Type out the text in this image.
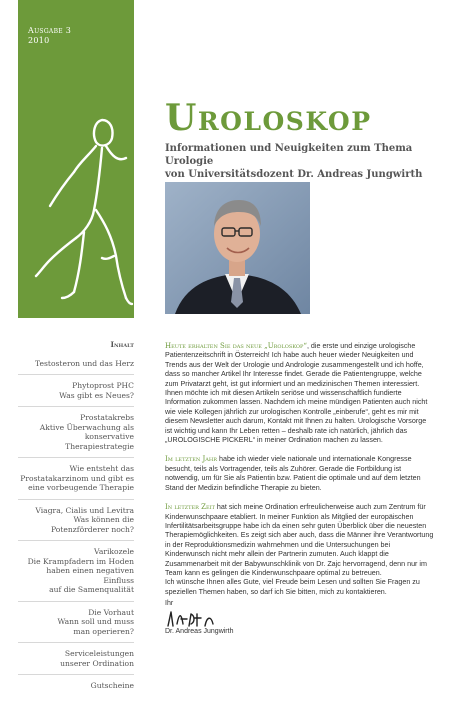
Ausgabe 3
2010
Uroloskop
Informationen und Neuigkeiten zum Thema Urologie
von Universitätsdozent Dr. Andreas Jungwirth
Inhalt
Testosteron und das Herz
Phytoprost PHC
Was gibt es Neues?
Prostatakrebs
Aktive Überwachung als
konservative Therapiestrategie
Wie entsteht das
Prostatakarzinom und gibt es
eine vorbeugende Therapie
Viagra, Cialis und Levitra
Was können die
Potenzförderer noch?
Varikozele
Die Krampfadern im Hoden
haben einen negativen Einfluss
auf die Samenqualität
Die Vorhaut
Wann soll und muss
man operieren?
Serviceleistungen
unserer Ordination
Gutscheine

Heute erhalten Sie das neue „Uroloskop“, die erste und einzige urologische Patientenzeitschrift in Österreich! Ich habe auch heuer wieder Neuigkeiten und Trends aus der Welt der Urologie und Andrologie zusammengestellt und ich hoffe, dass so mancher Artikel Ihr Interesse findet. Gerade die Patientengruppe, welche zum Privatarzt geht, ist gut informiert und an medizinischen Themen interessiert. Ihnen möchte ich mit diesen Artikeln seriöse und wissenschaftlich fundierte Information zukommen lassen. Nachdem ich meine mündigen Patienten auch nicht wie viele Kollegen jährlich zur urologischen Kontrolle „einberufe“, geht es mir mit diesem Newsletter auch darum, Kontakt mit Ihnen zu halten. Urologische Vorsorge ist wichtig und kann Ihr Leben retten – deshalb rate ich natürlich, jährlich das „UROLOGISCHE PICKERL“ in meiner Ordination machen zu lassen.

Im letzten Jahr habe ich wieder viele nationale und internationale Kongresse besucht, teils als Vortragender, teils als Zuhörer. Gerade die Fortbildung ist notwendig, um für Sie als Patientin bzw. Patient die optimale und auf dem letzten Stand der Medizin befindliche Therapie zu bieten.

In letzter Zeit hat sich meine Ordination erfreulicherweise auch zum Zentrum für Kinderwunschpaare etabliert. In meiner Funktion als Mitglied der europäischen Infertilitätsarbeitsgruppe habe ich da einen sehr guten Überblick über die neuesten Therapiemöglichkeiten. Es zeigt sich aber auch, dass die Männer ihre Verantwortung in der Reproduktionsmedizin wahrnehmen und die Untersuchungen bei Kinderwunsch nicht mehr allein der Partnerin zumuten. Auch klappt die Zusammenarbeit mit der Babywunschklinik von Dr. Zajc hervorragend, denn nur im Team kann es gelingen die Kinderwunschpaare optimal zu betreuen.
Ich wünsche Ihnen alles Gute, viel Freude beim Lesen und sollten Sie Fragen zu speziellen Themen haben, so darf ich Sie bitten, mich zu kontaktieren.

Ihr
Dr. Andreas Jungwirth
